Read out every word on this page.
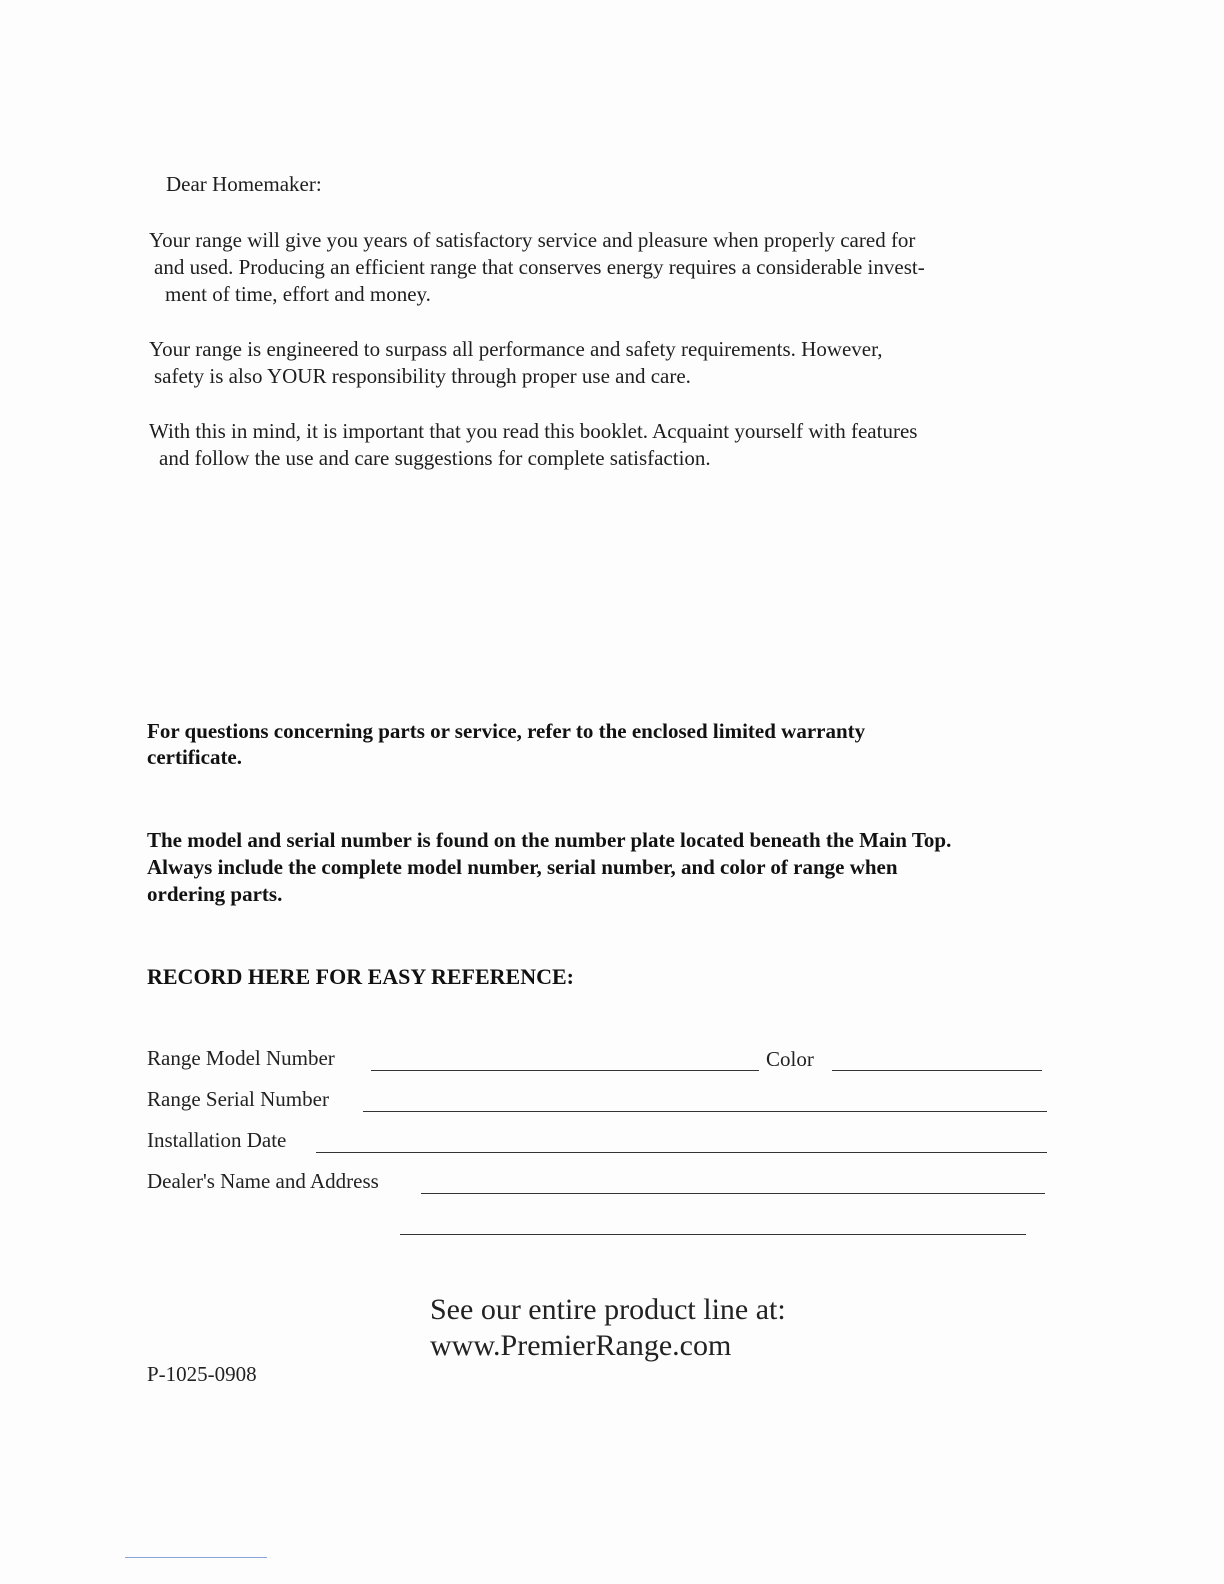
Dear Homemaker:
Your range will give you years of satisfactory service and pleasure when properly cared for
and used. Producing an efficient range that conserves energy requires a considerable invest-
ment of time, effort and money.
Your range is engineered to surpass all performance and safety requirements. However,
safety is also YOUR responsibility through proper use and care.
With this in mind, it is important that you read this booklet. Acquaint yourself with features
and follow the use and care suggestions for complete satisfaction.
For questions concerning parts or service, refer to the enclosed limited warranty
certificate.
The model and serial number is found on the number plate located beneath the Main Top.
Always include the complete model number, serial number, and color of range when
ordering parts.
RECORD HERE FOR EASY REFERENCE:
Range Model Number	Color
Range Serial Number
Installation Date
Dealer's Name and Address
See our entire product line at:
www.PremierRange.com
P-1025-0908
